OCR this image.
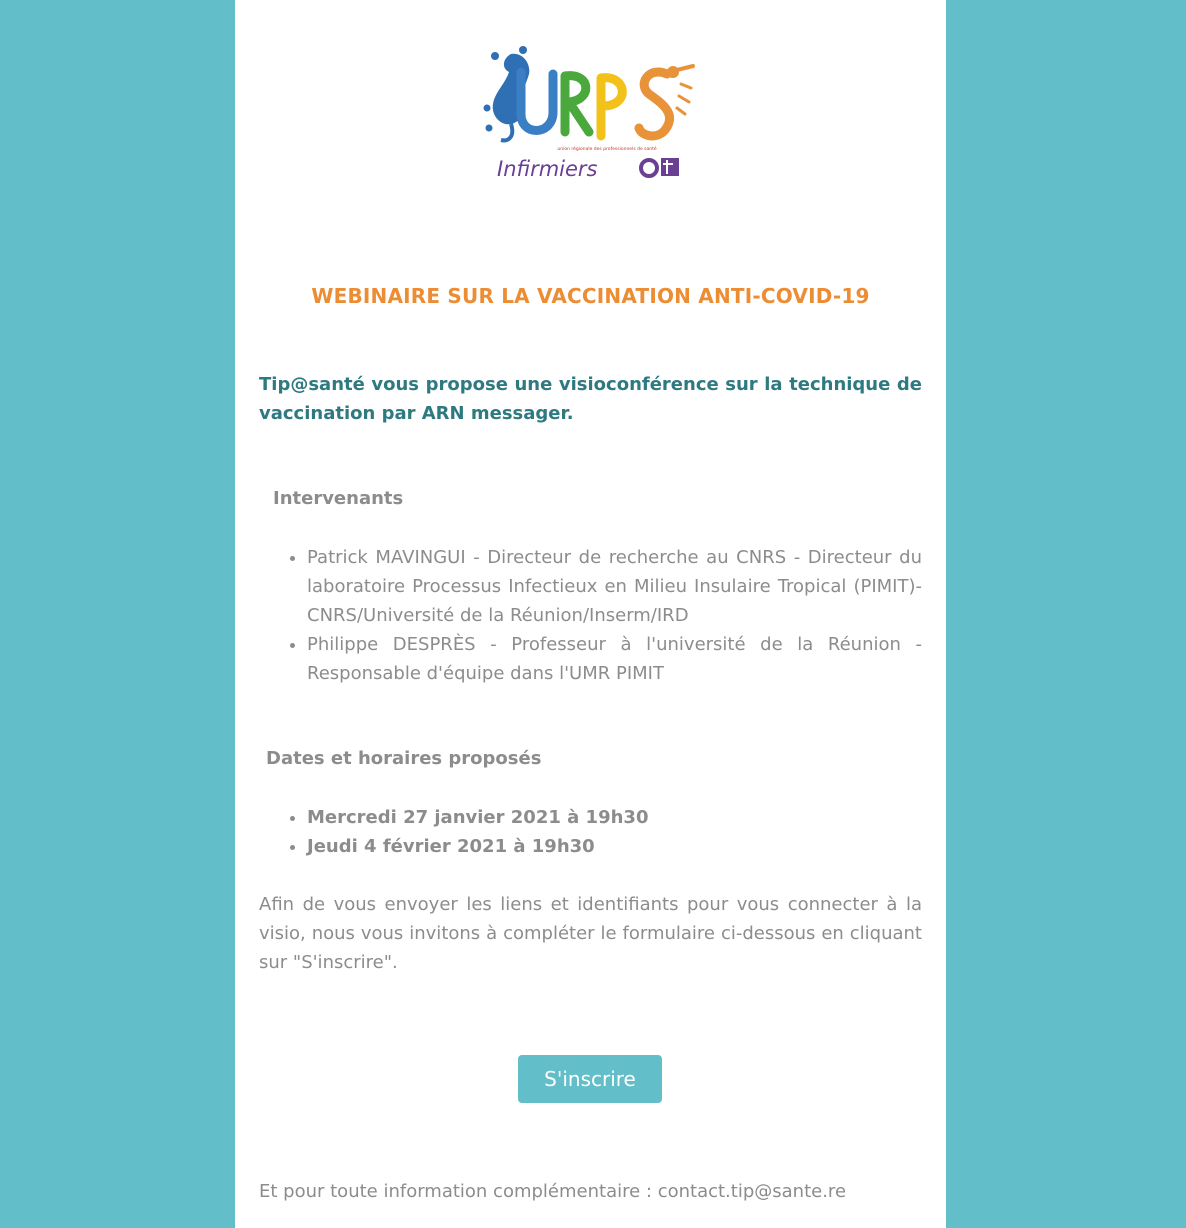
union régionale des professionnels de santé
Infirmiers
WEBINAIRE SUR LA VACCINATION ANTI-COVID-19
Tip@santé vous propose une visioconférence sur la technique de vaccination par ARN messager.
Intervenants
• Patrick MAVINGUI - Directeur de recherche au CNRS - Directeur du laboratoire Processus Infectieux en Milieu Insulaire Tropical (PIMIT)- CNRS/Université de la Réunion/Inserm/IRD
• Philippe DESPRÈS - Professeur à l'université de la Réunion - Responsable d'équipe dans l'UMR PIMIT
Dates et horaires proposés
• Mercredi 27 janvier 2021 à 19h30
• Jeudi 4 février 2021 à 19h30
Afin de vous envoyer les liens et identifiants pour vous connecter à la visio, nous vous invitons à compléter le formulaire ci-dessous en cliquant sur "S'inscrire".
S'inscrire
Et pour toute information complémentaire : contact.tip@sante.re
